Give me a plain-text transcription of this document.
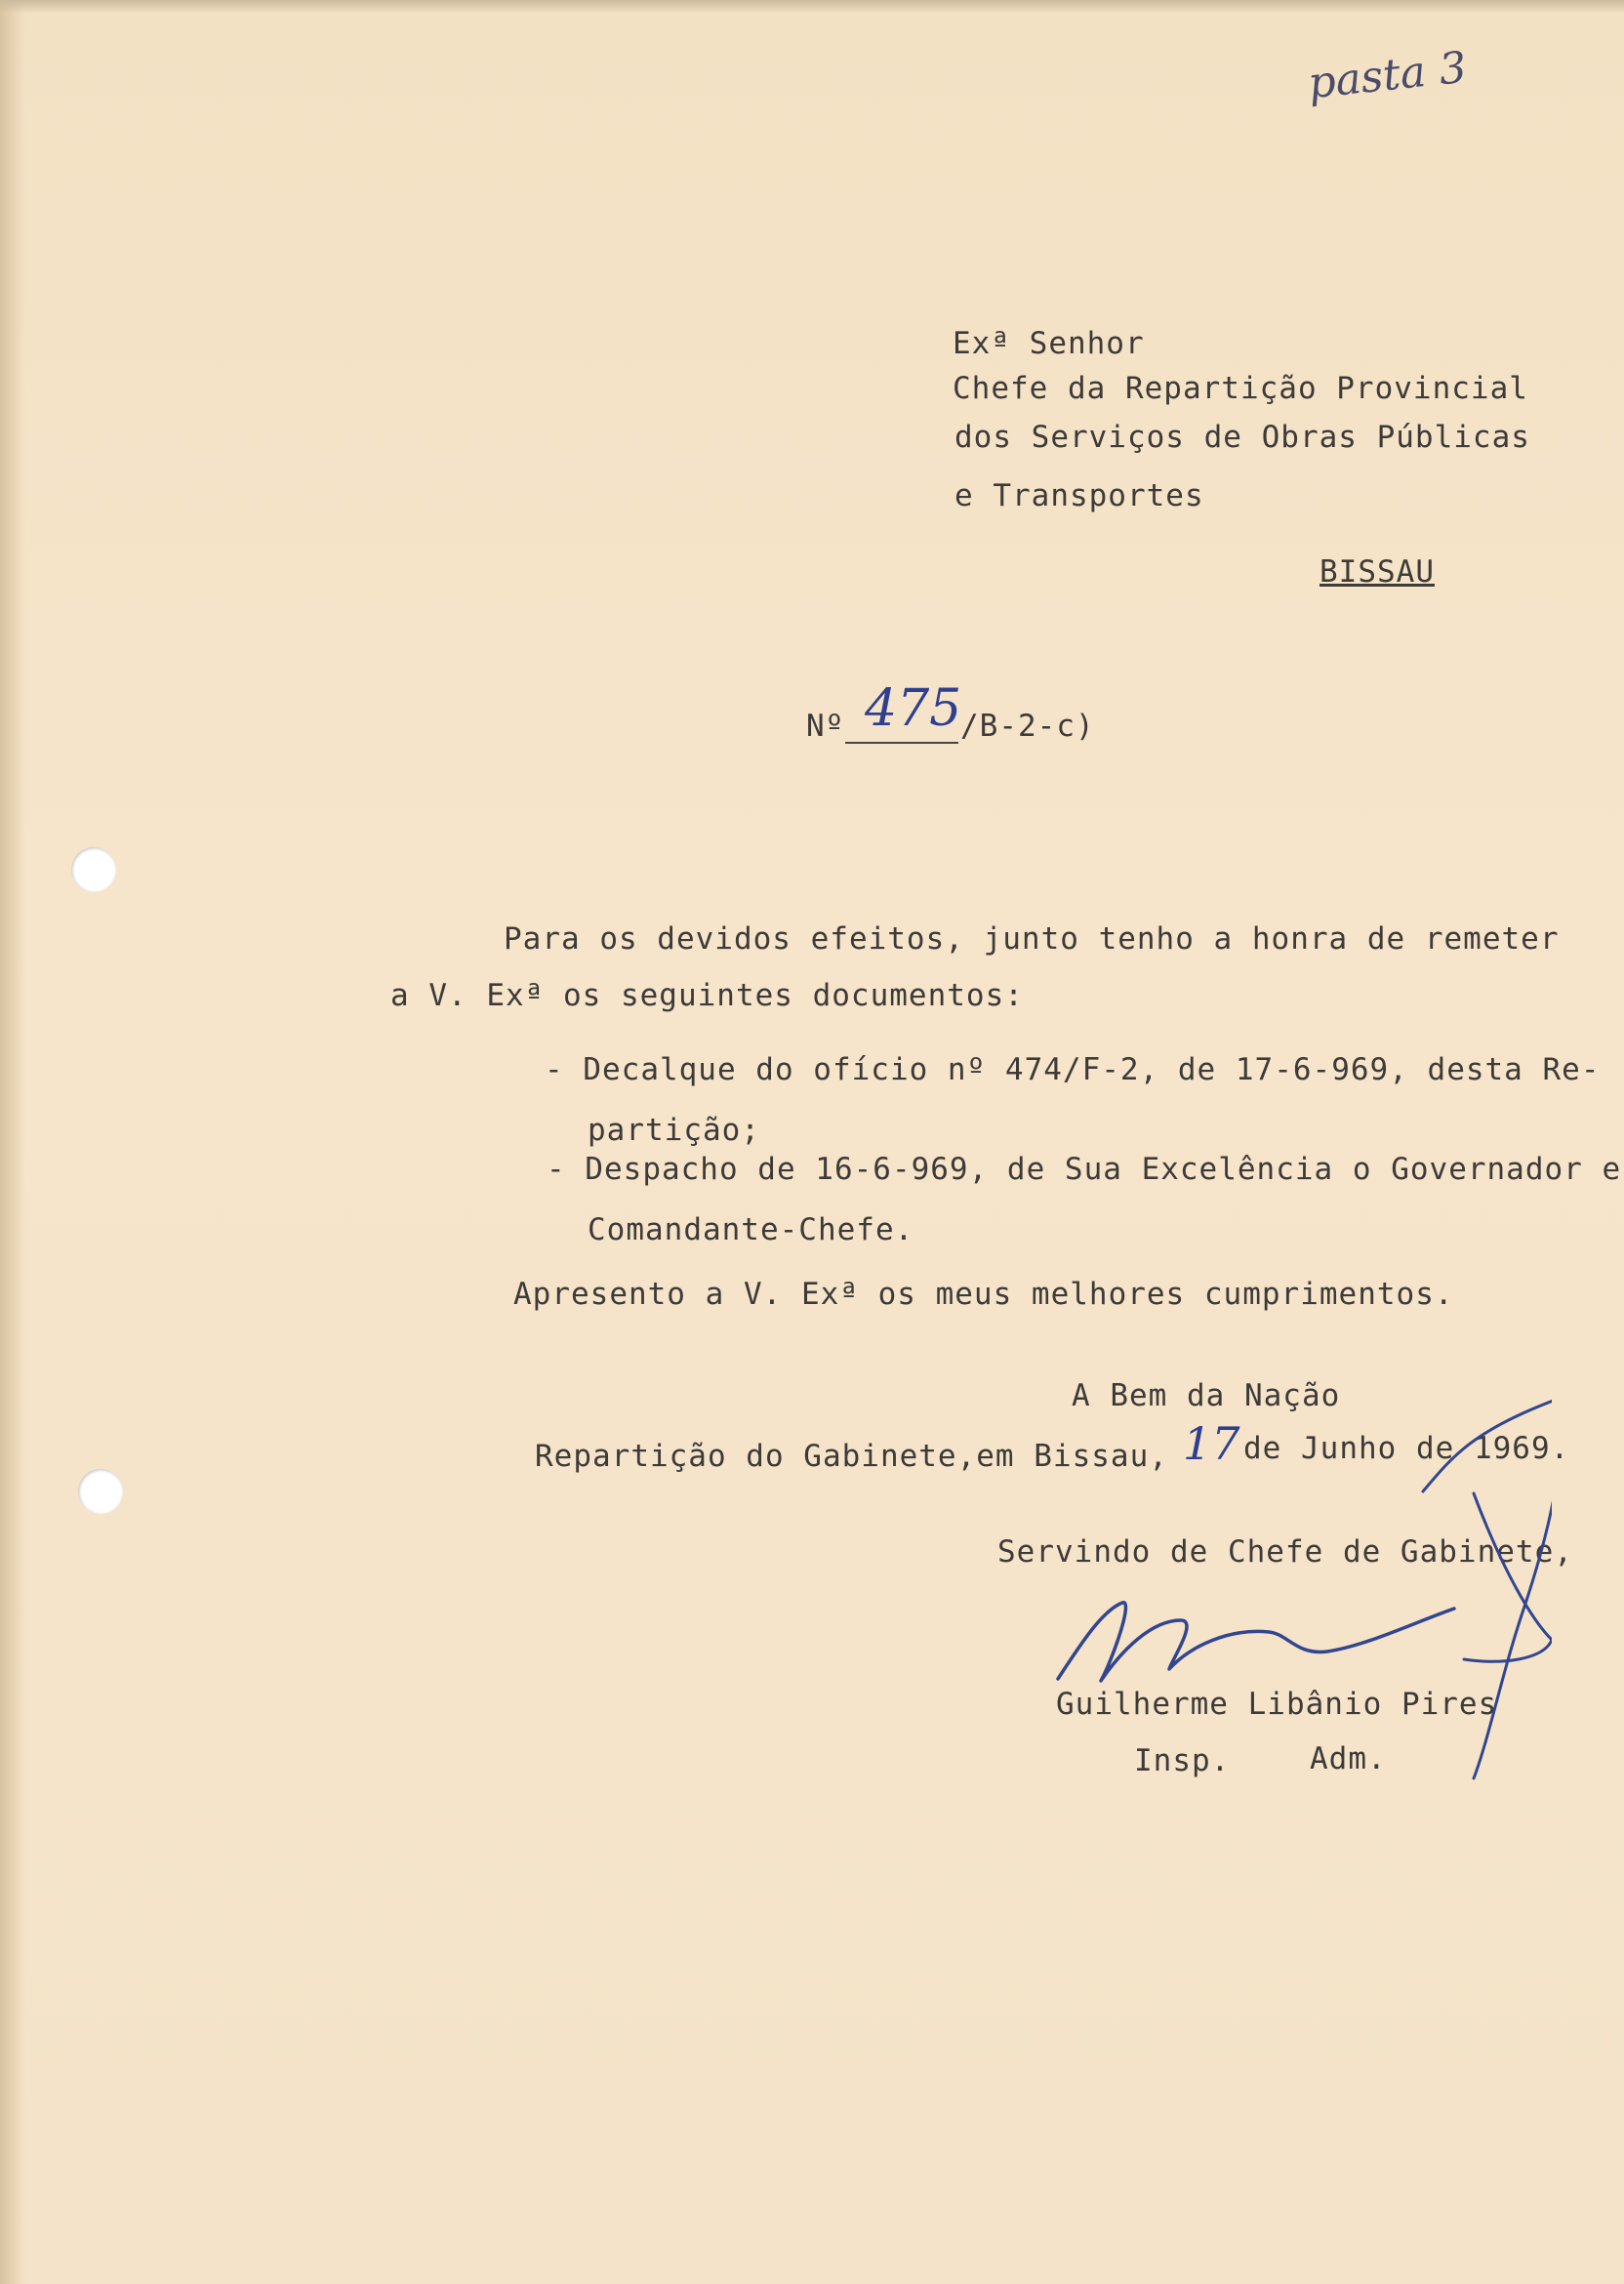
pasta 3
Exª Senhor
Chefe da Repartição Provincial
dos Serviços de Obras Públicas
e Transportes
BISSAU
Nº 475
/B-2-c)
Para os devidos efeitos, junto tenho a honra de remeter
a V. Exª os seguintes documentos:
- Decalque do ofício nº 474/F-2, de 17-6-969, desta Re-
partição;
- Despacho de 16-6-969, de Sua Excelência o Governador e
Comandante-Chefe.
Apresento a V. Exª os meus melhores cumprimentos.
A Bem da Nação
Repartição do Gabinete,em Bissau, 17 de Junho de 1969.
Servindo de Chefe de Gabinete,
Guilherme Libânio Pires
Insp.	Adm.
